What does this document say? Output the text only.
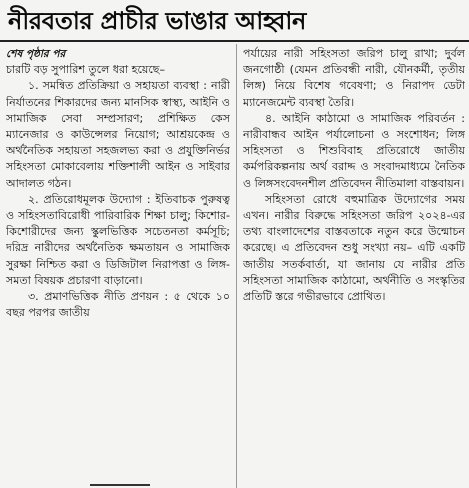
নীরবতার প্রাচীর ভাঙার আহ্বান

শেষ পৃষ্ঠার পর

চারটি বড় সুপারিশ তুলে ধরা হয়েছে–

১. সমন্বিত প্রতিক্রিয়া ও সহায়তা ব্যবস্থা : নারী নির্যাতনের শিকারদের জন্য মানসিক স্বাস্থ্য, আইনি ও সামাজিক সেবা সম্প্রসারণ; প্রশিক্ষিত কেস ম্যানেজার ও কাউন্সেলর নিয়োগ; আশ্রয়কেন্দ্র ও অর্থনৈতিক সহায়তা সহজলভ্য করা ও প্রযুক্তিনির্ভর সহিংসতা মোকাবেলায় শক্তিশালী আইন ও সাইবার আদালত গঠন।

২. প্রতিরোধমূলক উদ্যোগ : ইতিবাচক পুরুষত্ব ও সহিংসতাবিরোধী পারিবারিক শিক্ষা চালু; কিশোর-কিশোরীদের জন্য স্কুলভিত্তিক সচেতনতা কর্মসূচি; দরিদ্র নারীদের অর্থনৈতিক ক্ষমতায়ন ও সামাজিক সুরক্ষা নিশ্চিত করা ও ডিজিটাল নিরাপত্তা ও লিঙ্গ-সমতা বিষয়ক প্রচারণা বাড়ানো।

৩. প্রমাণভিত্তিক নীতি প্রণয়ন : ৫ থেকে ১০ বছর পরপর জাতীয়

পর্যায়ের নারী সহিংসতা জরিপ চালু রাখা; দুর্বল জনগোষ্ঠী (যেমন প্রতিবন্ধী নারী, যৌনকর্মী, তৃতীয় লিঙ্গ) নিয়ে বিশেষ গবেষণা; ও নিরাপদ ডেটা ম্যানেজমেন্ট ব্যবস্থা তৈরি।

৪. আইনি কাঠামো ও সামাজিক পরিবর্তন : নারীবান্ধব আইন পর্যালোচনা ও সংশোধন; লিঙ্গ সহিংসতা ও শিশুবিবাহ প্রতিরোধে জাতীয় কর্মপরিকল্পনায় অর্থ বরাদ্দ ও সংবাদমাধ্যমে নৈতিক ও লিঙ্গসংবেদনশীল প্রতিবেদন নীতিমালা বাস্তবায়ন।

সহিংসতা রোধে বহুমাত্রিক উদ্যোগের সময় এখন। নারীর বিরুদ্ধে সহিংসতা জরিপ ২০২৪-এর তথ্য বাংলাদেশের বাস্তবতাকে নতুন করে উন্মোচন করেছে। এ প্রতিবেদন শুধু সংখ্যা নয়– এটি একটি জাতীয় সতর্কবার্তা, যা জানায় যে নারীর প্রতি সহিংসতা সামাজিক কাঠামো, অর্থনীতি ও সংস্কৃতির প্রতিটি স্তরে গভীরভাবে প্রোথিত।
